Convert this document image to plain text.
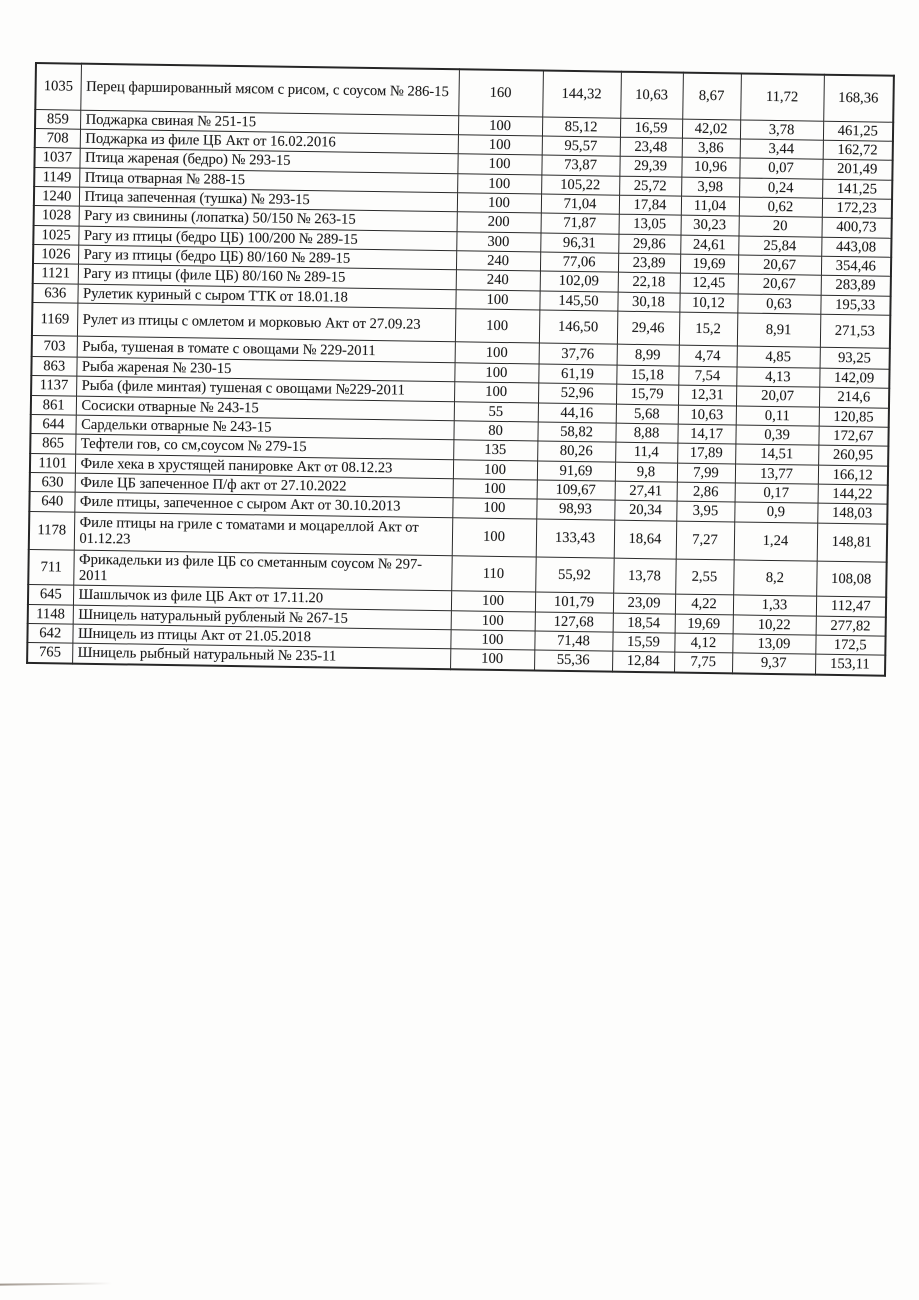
1035	Перец фаршированный мясом с рисом, с соусом № 286-15	160	144,32	10,63	8,67	11,72	168,36
859	Поджарка свиная № 251-15	100	85,12	16,59	42,02	3,78	461,25
708	Поджарка из филе ЦБ Акт от 16.02.2016	100	95,57	23,48	3,86	3,44	162,72
1037	Птица жареная (бедро) № 293-15	100	73,87	29,39	10,96	0,07	201,49
1149	Птица отварная № 288-15	100	105,22	25,72	3,98	0,24	141,25
1240	Птица запеченная (тушка) № 293-15	100	71,04	17,84	11,04	0,62	172,23
1028	Рагу из свинины (лопатка) 50/150 № 263-15	200	71,87	13,05	30,23	20	400,73
1025	Рагу из птицы (бедро ЦБ) 100/200 № 289-15	300	96,31	29,86	24,61	25,84	443,08
1026	Рагу из птицы (бедро ЦБ) 80/160 № 289-15	240	77,06	23,89	19,69	20,67	354,46
1121	Рагу из птицы (филе ЦБ) 80/160 № 289-15	240	102,09	22,18	12,45	20,67	283,89
636	Рулетик куриный с сыром ТТК от 18.01.18	100	145,50	30,18	10,12	0,63	195,33
1169	Рулет из птицы с омлетом и морковью Акт от 27.09.23	100	146,50	29,46	15,2	8,91	271,53
703	Рыба, тушеная в томате с овощами № 229-2011	100	37,76	8,99	4,74	4,85	93,25
863	Рыба жареная № 230-15	100	61,19	15,18	7,54	4,13	142,09
1137	Рыба (филе минтая) тушеная с овощами №229-2011	100	52,96	15,79	12,31	20,07	214,6
861	Сосиски отварные № 243-15	55	44,16	5,68	10,63	0,11	120,85
644	Сардельки отварные № 243-15	80	58,82	8,88	14,17	0,39	172,67
865	Тефтели гов, со см,соусом № 279-15	135	80,26	11,4	17,89	14,51	260,95
1101	Филе хека в хрустящей панировке Акт от 08.12.23	100	91,69	9,8	7,99	13,77	166,12
630	Филе ЦБ запеченное П/ф акт от 27.10.2022	100	109,67	27,41	2,86	0,17	144,22
640	Филе птицы, запеченное с сыром Акт от 30.10.2013	100	98,93	20,34	3,95	0,9	148,03
1178	Филе птицы на гриле с томатами и моцареллой Акт от 01.12.23	100	133,43	18,64	7,27	1,24	148,81
711	Фрикадельки из филе ЦБ со сметанным соусом № 297-2011	110	55,92	13,78	2,55	8,2	108,08
645	Шашлычок из филе ЦБ Акт от 17.11.20	100	101,79	23,09	4,22	1,33	112,47
1148	Шницель натуральный рубленый № 267-15	100	127,68	18,54	19,69	10,22	277,82
642	Шницель из птицы Акт от 21.05.2018	100	71,48	15,59	4,12	13,09	172,5
765	Шницель рыбный натуральный № 235-11	100	55,36	12,84	7,75	9,37	153,11
